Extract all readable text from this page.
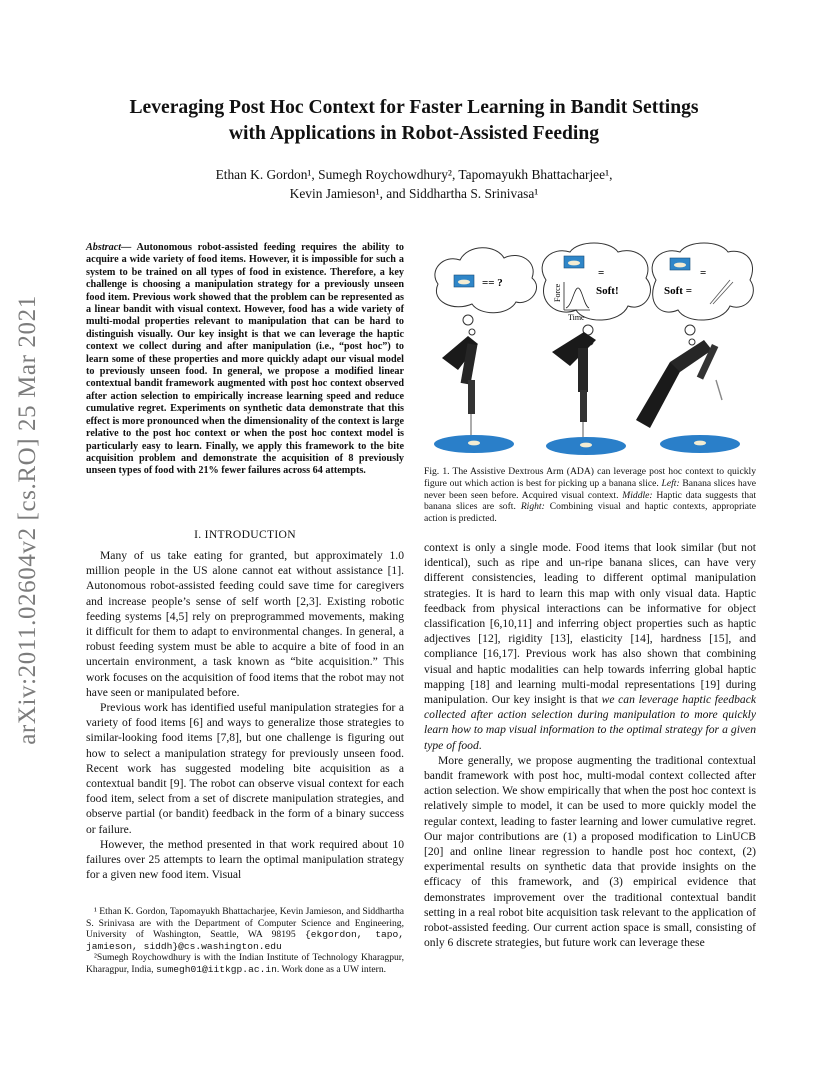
arXiv:2011.02604v2 [cs.RO] 25 Mar 2021
Leveraging Post Hoc Context for Faster Learning in Bandit Settings
with Applications in Robot-Assisted Feeding
Ethan K. Gordon¹, Sumegh Roychowdhury², Tapomayukh Bhattacharjee¹,
Kevin Jamieson¹, and Siddhartha S. Srinivasa¹
Abstract— Autonomous robot-assisted feeding requires the ability to acquire a wide variety of food items. However, it is impossible for such a system to be trained on all types of food in existence. Therefore, a key challenge is choosing a manipulation strategy for a previously unseen food item. Previous work showed that the problem can be represented as a linear bandit with visual context. However, food has a wide variety of multi-modal properties relevant to manipulation that can be hard to distinguish visually. Our key insight is that we can leverage the haptic context we collect during and after manipulation (i.e., “post hoc”) to learn some of these properties and more quickly adapt our visual model to previously unseen food. In general, we propose a modified linear contextual bandit framework augmented with post hoc context observed after action selection to empirically increase learning speed and reduce cumulative regret. Experiments on synthetic data demonstrate that this effect is more pronounced when the dimensionality of the context is large relative to the post hoc context or when the post hoc context model is particularly easy to learn. Finally, we apply this framework to the bite acquisition problem and demonstrate the acquisition of 8 previously unseen types of food with 21% fewer failures across 64 attempts.
I. INTRODUCTION

Many of us take eating for granted, but approximately 1.0 million people in the US alone cannot eat without assistance [1]. Autonomous robot-assisted feeding could save time for caregivers and increase people’s sense of self worth [2,3]. Existing robotic feeding systems [4,5] rely on preprogrammed movements, making it difficult for them to adapt to environmental changes. In general, a robust feeding system must be able to acquire a bite of food in an uncertain environment, a task known as “bite acquisition.” This work focuses on the acquisition of food items that the robot may not have seen or manipulated before.

Previous work has identified useful manipulation strategies for a variety of food items [6] and ways to generalize those strategies to similar-looking food items [7,8], but one challenge is figuring out how to select a manipulation strategy for previously unseen food. Recent work has suggested modeling bite acquisition as a contextual bandit [9]. The robot can observe visual context for each food item, select from a set of discrete manipulation strategies, and observe partial (or bandit) feedback in the form of a binary success or failure.

However, the method presented in that work required about 10 failures over 25 attempts to learn the optimal manipulation strategy for a given new food item. Visual

¹ Ethan K. Gordon, Tapomayukh Bhattacharjee, Kevin Jamieson, and Siddhartha S. Srinivasa are with the Department of Computer Science and Engineering, University of Washington, Seattle, WA 98195 {ekgordon, tapo, jamieson, siddh}@cs.washington.edu

²Sumegh Roychowdhury is with the Indian Institute of Technology Kharagpur, Kharagpur, India, sumegh01@iitkgp.ac.in. Work done as a UW intern.

== ?
=
Force
Time
Soft!
=
Soft =
Fig. 1. The Assistive Dextrous Arm (ADA) can leverage post hoc context to quickly figure out which action is best for picking up a banana slice. Left: Banana slices have never been seen before. Acquired visual context. Middle: Haptic data suggests that banana slices are soft. Right: Combining visual and haptic contexts, appropriate action is predicted.

context is only a single mode. Food items that look similar (but not identical), such as ripe and un-ripe banana slices, can have very different consistencies, leading to different optimal manipulation strategies. It is hard to learn this map with only visual data. Haptic feedback from physical interactions can be informative for object classification [6,10,11] and inferring object properties such as haptic adjectives [12], rigidity [13], elasticity [14], hardness [15], and compliance [16,17]. Previous work has also shown that combining visual and haptic modalities can help towards inferring global haptic mapping [18] and learning multi-modal representations [19] during manipulation. Our key insight is that we can leverage haptic feedback collected after action selection during manipulation to more quickly learn how to map visual information to the optimal strategy for a given type of food.

More generally, we propose augmenting the traditional contextual bandit framework with post hoc, multi-modal context collected after action selection. We show empirically that when the post hoc context is relatively simple to model, it can be used to more quickly model the regular context, leading to faster learning and lower cumulative regret. Our major contributions are (1) a proposed modification to LinUCB [20] and online linear regression to handle post hoc context, (2) experimental results on synthetic data that provide insights on the efficacy of this framework, and (3) empirical evidence that demonstrates improvement over the traditional contextual bandit setting in a real robot bite acquisition task relevant to the application of robot-assisted feeding. Our current action space is small, consisting of only 6 discrete strategies, but future work can leverage these
